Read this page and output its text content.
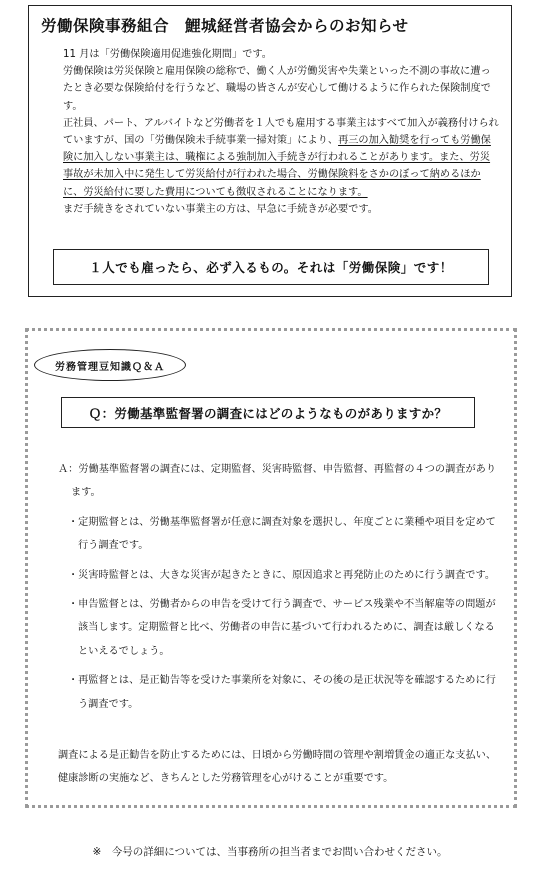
労働保険事務組合　鯉城経営者協会からのお知らせ

11 月は「労働保険適用促進強化期間」です。

労働保険は労災保険と雇用保険の総称で、働く人が労働災害や失業といった不測の事故に遭ったとき必要な保険給付を行うなど、職場の皆さんが安心して働けるように作られた保険制度です。

正社員、パート、アルバイトなど労働者を１人でも雇用する事業主はすべて加入が義務付けられていますが、国の「労働保険未手続事業一掃対策」により、再三の加入勧奨を行っても労働保険に加入しない事業主は、職権による強制加入手続きが行われることがあります。また、労災事故が未加入中に発生して労災給付が行われた場合、労働保険料をさかのぼって納めるほかに、労災給付に要した費用についても徴収されることになります。

まだ手続きをされていない事業主の方は、早急に手続きが必要です。

１人でも雇ったら、必ず入るもの。それは「労働保険」です！
労務管理豆知識Ｑ＆Ａ
Ｑ：労働基準監督署の調査にはどのようなものがありますか？

Ａ：労働基準監督署の調査には、定期監督、災害時監督、申告監督、再監督の４つの調査があります。

・定期監督とは、労働基準監督署が任意に調査対象を選択し、年度ごとに業種や項目を定めて行う調査です。

・災害時監督とは、大きな災害が起きたときに、原因追求と再発防止のために行う調査です。

・申告監督とは、労働者からの申告を受けて行う調査で、サービス残業や不当解雇等の問題が該当します。定期監督と比べ、労働者の申告に基づいて行われるために、調査は厳しくなるといえるでしょう。

・再監督とは、是正勧告等を受けた事業所を対象に、その後の是正状況等を確認するために行う調査です。

調査による是正勧告を防止するためには、日頃から労働時間の管理や割増賃金の適正な支払い、健康診断の実施など、きちんとした労務管理を心がけることが重要です。
※　今号の詳細については、当事務所の担当者までお問い合わせください。
